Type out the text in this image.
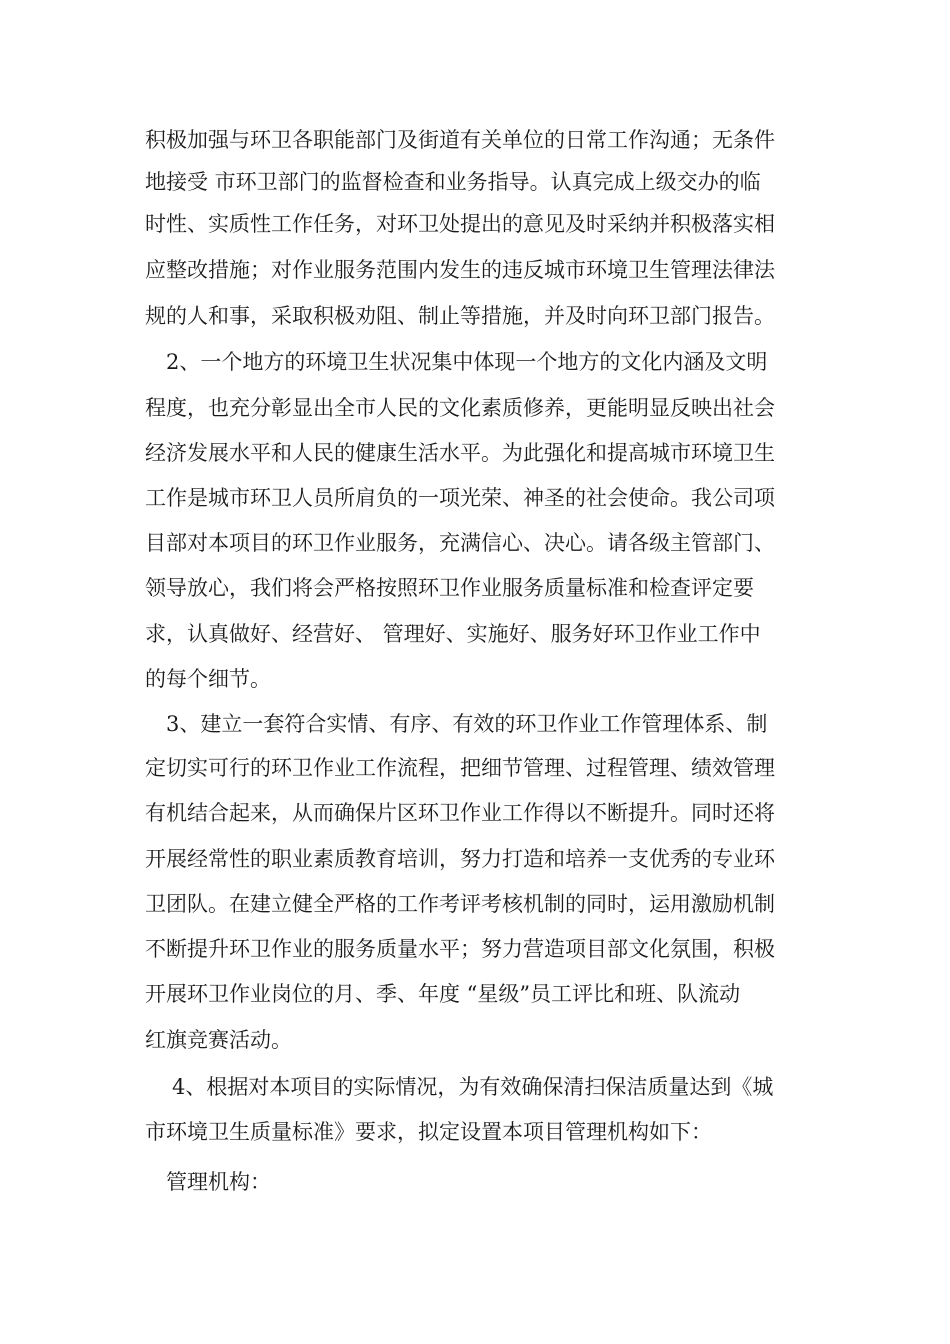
积极加强与环卫各职能部门及街道有关单位的日常工作沟通；无条件
地接受 市环卫部门的监督检查和业务指导。认真完成上级交办的临
时性、实质性工作任务，对环卫处提出的意见及时采纳并积极落实相
应整改措施；对作业服务范围内发生的违反城市环境卫生管理法律法
规的人和事，采取积极劝阻、制止等措施，并及时向环卫部门报告。
2、一个地方的环境卫生状况集中体现一个地方的文化内涵及文明
程度，也充分彰显出全市人民的文化素质修养，更能明显反映出社会
经济发展水平和人民的健康生活水平。为此强化和提高城市环境卫生
工作是城市环卫人员所肩负的一项光荣、神圣的社会使命。我公司项
目部对本项目的环卫作业服务，充满信心、决心。请各级主管部门、
领导放心，我们将会严格按照环卫作业服务质量标准和检查评定要
求，认真做好、经营好、 管理好、实施好、服务好环卫作业工作中
的每个细节。
3、建立一套符合实情、有序、有效的环卫作业工作管理体系、制
定切实可行的环卫作业工作流程，把细节管理、过程管理、绩效管理
有机结合起来，从而确保片区环卫作业工作得以不断提升。同时还将
开展经常性的职业素质教育培训，努力打造和培养一支优秀的专业环
卫团队。在建立健全严格的工作考评考核机制的同时，运用激励机制
不断提升环卫作业的服务质量水平；努力营造项目部文化氛围，积极
开展环卫作业岗位的月、季、年度 “星级”员工评比和班、队流动
红旗竞赛活动。
4、根据对本项目的实际情况，为有效确保清扫保洁质量达到《城
市环境卫生质量标准》要求，拟定设置本项目管理机构如下：
管理机构：
